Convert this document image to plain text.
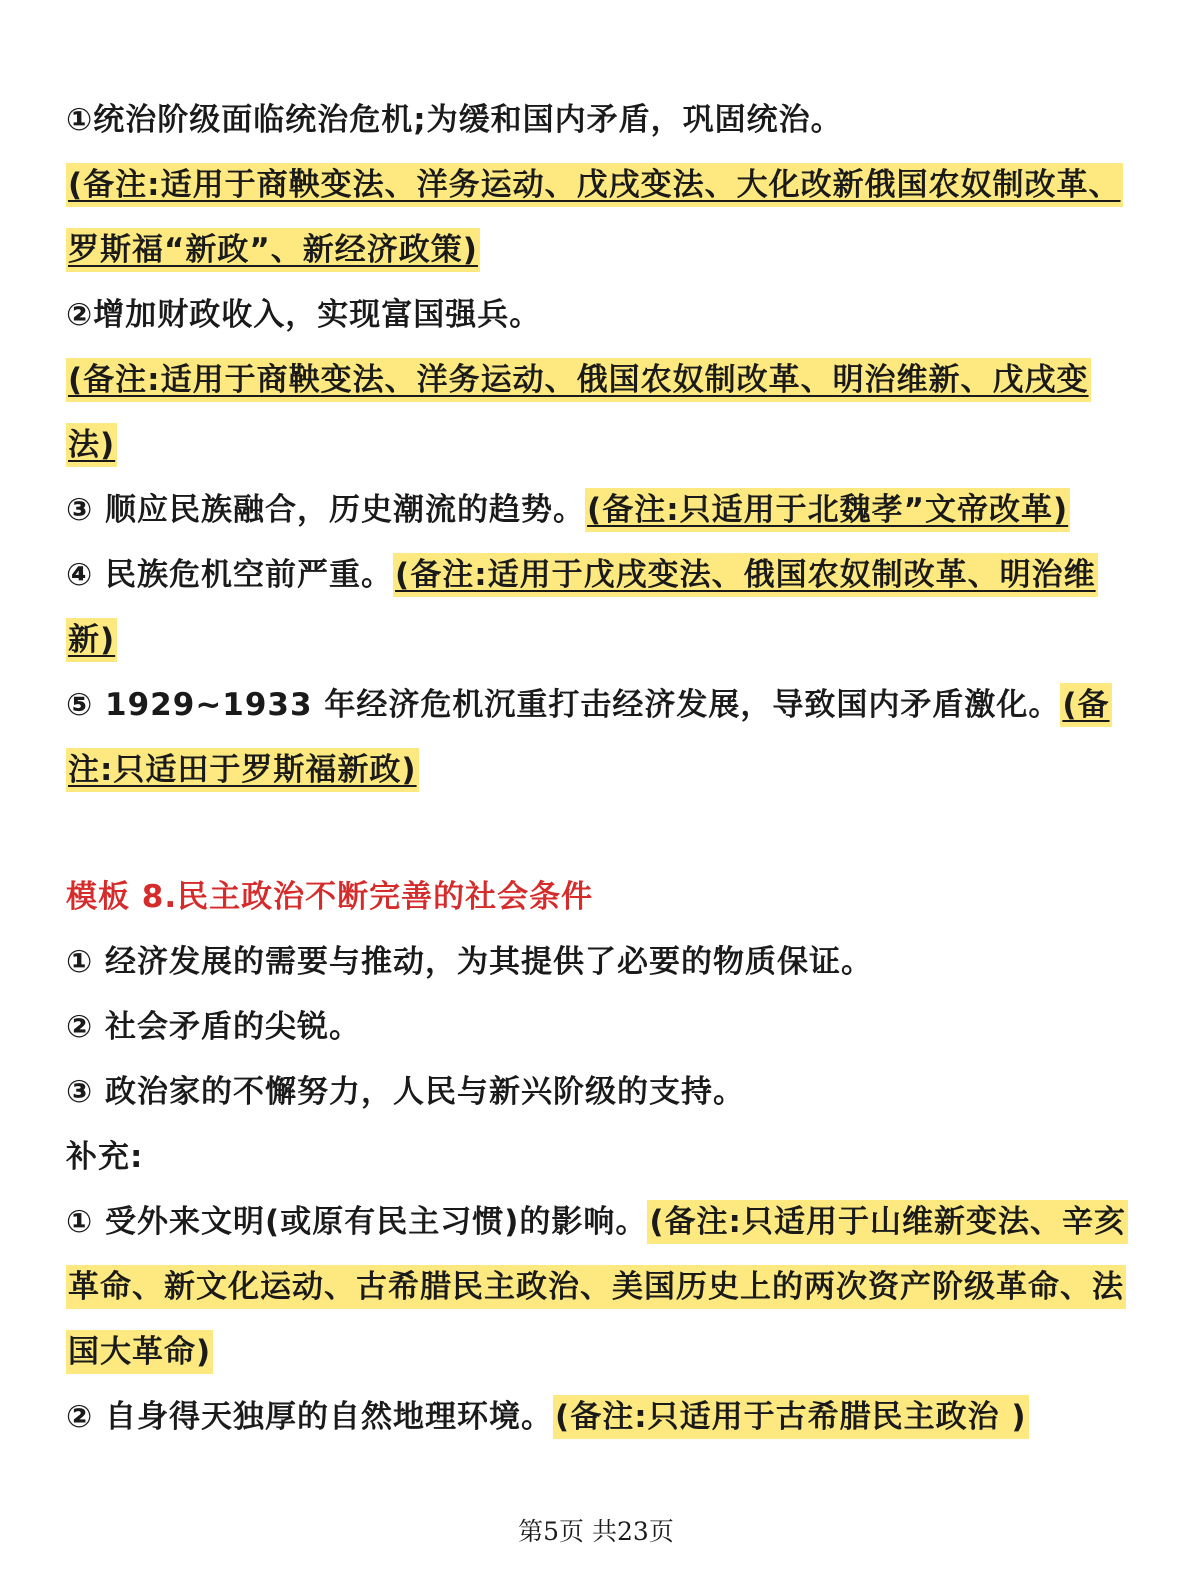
①统治阶级面临统治危机;为缓和国内矛盾，巩固统治。

(备注:适用于商鞅变法、洋务运动、戊戌变法、大化改新俄国农奴制改革、罗斯福“新政”、新经济政策)

②增加财政收入，实现富国强兵。

(备注:适用于商鞅变法、洋务运动、俄国农奴制改革、明治维新、戊戌变法)

③ 顺应民族融合，历史潮流的趋势。(备注:只适用于北魏孝”文帝改革)

④ 民族危机空前严重。(备注:适用于戊戌变法、俄国农奴制改革、明治维新)

⑤ 1929~1933 年经济危机沉重打击经济发展，导致国内矛盾激化。(备注:只适田于罗斯福新政)

模板 8.民主政治不断完善的社会条件

① 经济发展的需要与推动，为其提供了必要的物质保证。

② 社会矛盾的尖锐。

③ 政治家的不懈努力，人民与新兴阶级的支持。

补充:

① 受外来文明(或原有民主习惯)的影响。(备注:只适用于山维新变法、辛亥革命、新文化运动、古希腊民主政治、美国历史上的两次资产阶级革命、法国大革命)

② 自身得天独厚的自然地理环境。(备注:只适用于古希腊民主政治 )

第5页 共23页
